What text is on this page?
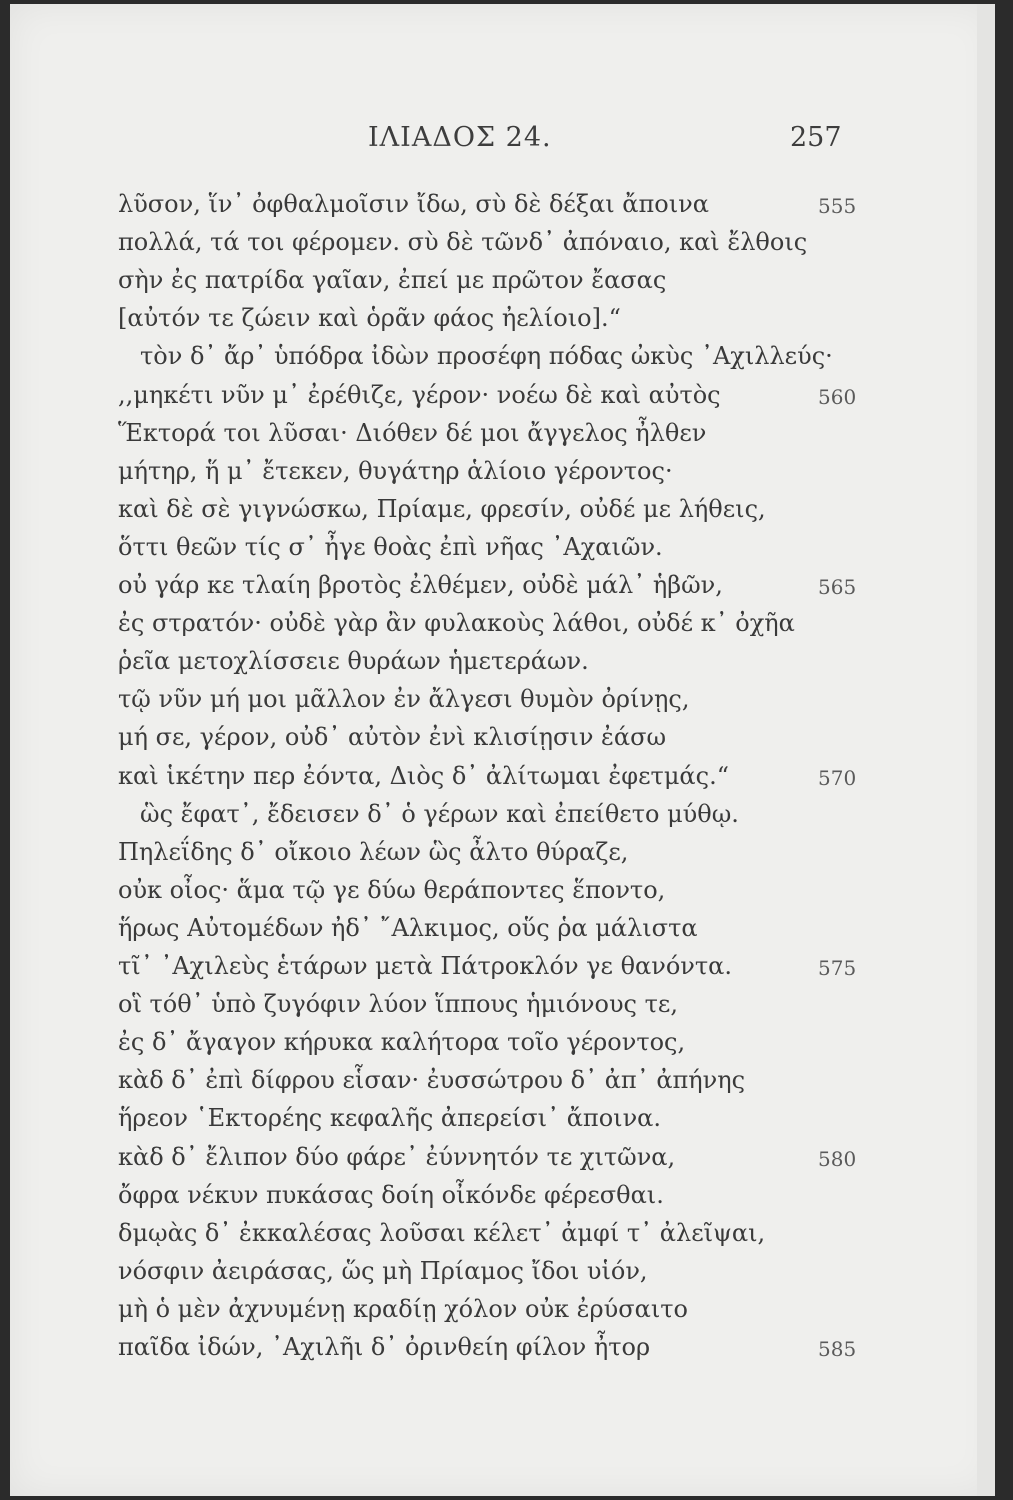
ΙΛΙΑΔΟΣ 24.	257
λῦσον, ἵν᾽ ὀφθαλμοῖσιν ἴδω, σὺ δὲ δέξαι ἄποινα	555
πολλά, τά τοι φέρομεν. σὺ δὲ τῶνδ᾽ ἀπόναιο, καὶ ἔλθοις
σὴν ἐς πατρίδα γαῖαν, ἐπεί με πρῶτον ἔασας
[αὐτόν τε ζώειν καὶ ὁρᾶν φάος ἠελίοιο].“
τὸν δ᾽ ἄρ᾽ ὑπόδρα ἰδὼν προσέφη πόδας ὠκὺς ᾿Αχιλλεύς·
,,μηκέτι νῦν μ᾽ ἐρέθιζε, γέρον· νοέω δὲ καὶ αὐτὸς	560
Ἕκτορά τοι λῦσαι· Διόθεν δέ μοι ἄγγελος ἦλθεν
μήτηρ, ἥ μ᾽ ἔτεκεν, θυγάτηρ ἁλίοιο γέροντος·
καὶ δὲ σὲ γιγνώσκω, Πρίαμε, φρεσίν, οὐδέ με λήθεις,
ὅττι θεῶν τίς σ᾽ ἦγε θοὰς ἐπὶ νῆας ᾿Αχαιῶν.
οὐ γάρ κε τλαίη βροτὸς ἐλθέμεν, οὐδὲ μάλ᾽ ἡβῶν,	565
ἐς στρατόν· οὐδὲ γὰρ ἂν φυλακοὺς λάθοι, οὐδέ κ᾽ ὀχῆα
ῥεῖα μετοχλίσσειε θυράων ἡμετεράων.
τῷ νῦν μή μοι μᾶλλον ἐν ἄλγεσι θυμὸν ὀρίνῃς,
μή σε, γέρον, οὐδ᾽ αὐτὸν ἐνὶ κλισίῃσιν ἐάσω
καὶ ἱκέτην περ ἐόντα, Διὸς δ᾽ ἀλίτωμαι ἐφετμάς.“	570
ὣς ἔφατ᾽, ἔδεισεν δ᾽ ὁ γέρων καὶ ἐπείθετο μύθῳ.
Πηλεΐδης δ᾽ οἴκοιο λέων ὣς ἆλτο θύραζε,
οὐκ οἶος· ἅμα τῷ γε δύω θεράποντες ἕποντο,
ἥρως Αὐτομέδων ἠδ᾽ ῎Αλκιμος, οὕς ῥα μάλιστα
τῖ᾽ ᾿Αχιλεὺς ἑτάρων μετὰ Πάτροκλόν γε θανόντα.	575
οἳ τόθ᾽ ὑπὸ ζυγόφιν λύον ἵππους ἡμιόνους τε,
ἐς δ᾽ ἄγαγον κήρυκα καλήτορα τοῖο γέροντος,
κὰδ δ᾽ ἐπὶ δίφρου εἷσαν· ἐυσσώτρου δ᾽ ἀπ᾽ ἀπήνης
ἥρεον ῾Εκτορέης κεφαλῆς ἀπερείσι᾽ ἄποινα.
κὰδ δ᾽ ἔλιπον δύο φάρε᾽ ἐύννητόν τε χιτῶνα,	580
ὄφρα νέκυν πυκάσας δοίη οἶκόνδε φέρεσθαι.
δμῳὰς δ᾽ ἐκκαλέσας λοῦσαι κέλετ᾽ ἀμφί τ᾽ ἀλεῖψαι,
νόσφιν ἀειράσας, ὥς μὴ Πρίαμος ἴδοι υἱόν,
μὴ ὁ μὲν ἀχνυμένῃ κραδίῃ χόλον οὐκ ἐρύσαιτο
παῖδα ἰδών, ᾿Αχιλῆι δ᾽ ὀρινθείη φίλον ἦτορ	585
